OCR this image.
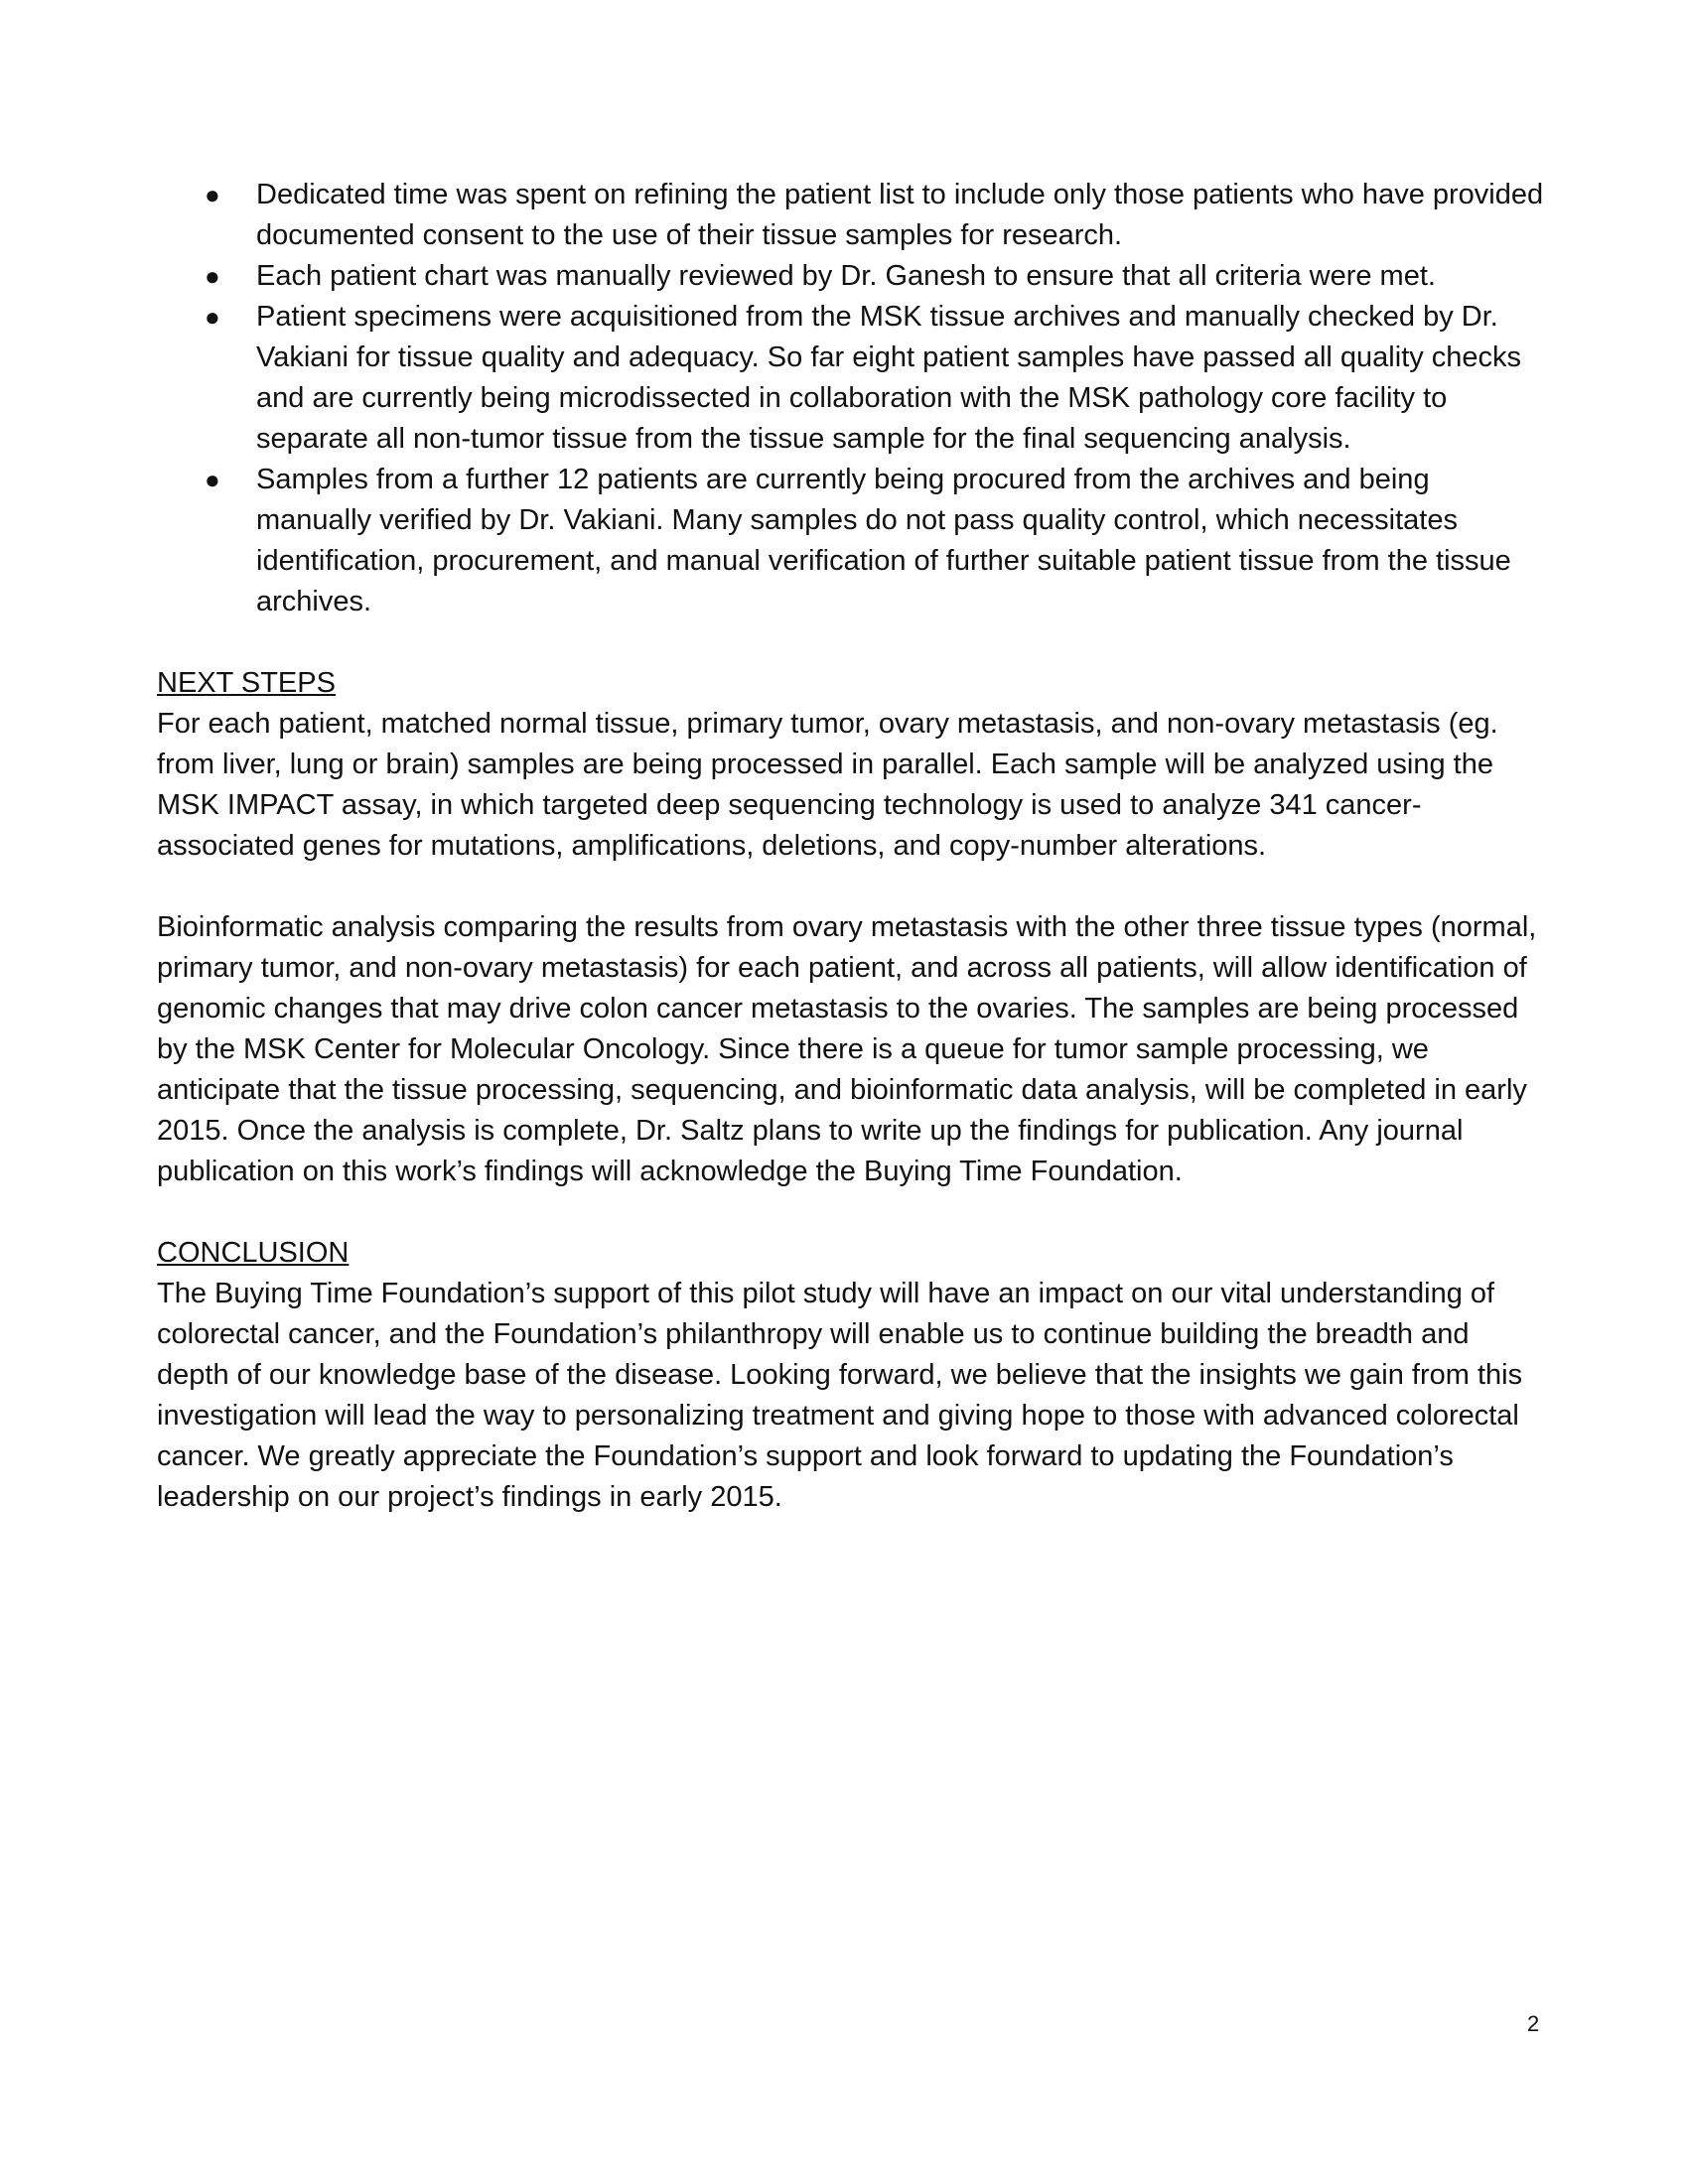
● Dedicated time was spent on refining the patient list to include only those patients who have provided documented consent to the use of their tissue samples for research.
● Each patient chart was manually reviewed by Dr. Ganesh to ensure that all criteria were met.
● Patient specimens were acquisitioned from the MSK tissue archives and manually checked by Dr. Vakiani for tissue quality and adequacy. So far eight patient samples have passed all quality checks and are currently being microdissected in collaboration with the MSK pathology core facility to separate all non-tumor tissue from the tissue sample for the final sequencing analysis.
● Samples from a further 12 patients are currently being procured from the archives and being manually verified by Dr. Vakiani. Many samples do not pass quality control, which necessitates identification, procurement, and manual verification of further suitable patient tissue from the tissue archives.

NEXT STEPS

For each patient, matched normal tissue, primary tumor, ovary metastasis, and non-ovary metastasis (eg. from liver, lung or brain) samples are being processed in parallel. Each sample will be analyzed using the MSK IMPACT assay, in which targeted deep sequencing technology is used to analyze 341 cancer-associated genes for mutations, amplifications, deletions, and copy-number alterations.

Bioinformatic analysis comparing the results from ovary metastasis with the other three tissue types (normal, primary tumor, and non-ovary metastasis) for each patient, and across all patients, will allow identification of genomic changes that may drive colon cancer metastasis to the ovaries. The samples are being processed by the MSK Center for Molecular Oncology. Since there is a queue for tumor sample processing, we anticipate that the tissue processing, sequencing, and bioinformatic data analysis, will be completed in early 2015. Once the analysis is complete, Dr. Saltz plans to write up the findings for publication. Any journal publication on this work’s findings will acknowledge the Buying Time Foundation.

CONCLUSION

The Buying Time Foundation’s support of this pilot study will have an impact on our vital understanding of colorectal cancer, and the Foundation’s philanthropy will enable us to continue building the breadth and depth of our knowledge base of the disease. Looking forward, we believe that the insights we gain from this investigation will lead the way to personalizing treatment and giving hope to those with advanced colorectal cancer. We greatly appreciate the Foundation’s support and look forward to updating the Foundation’s leadership on our project’s findings in early 2015.

2
